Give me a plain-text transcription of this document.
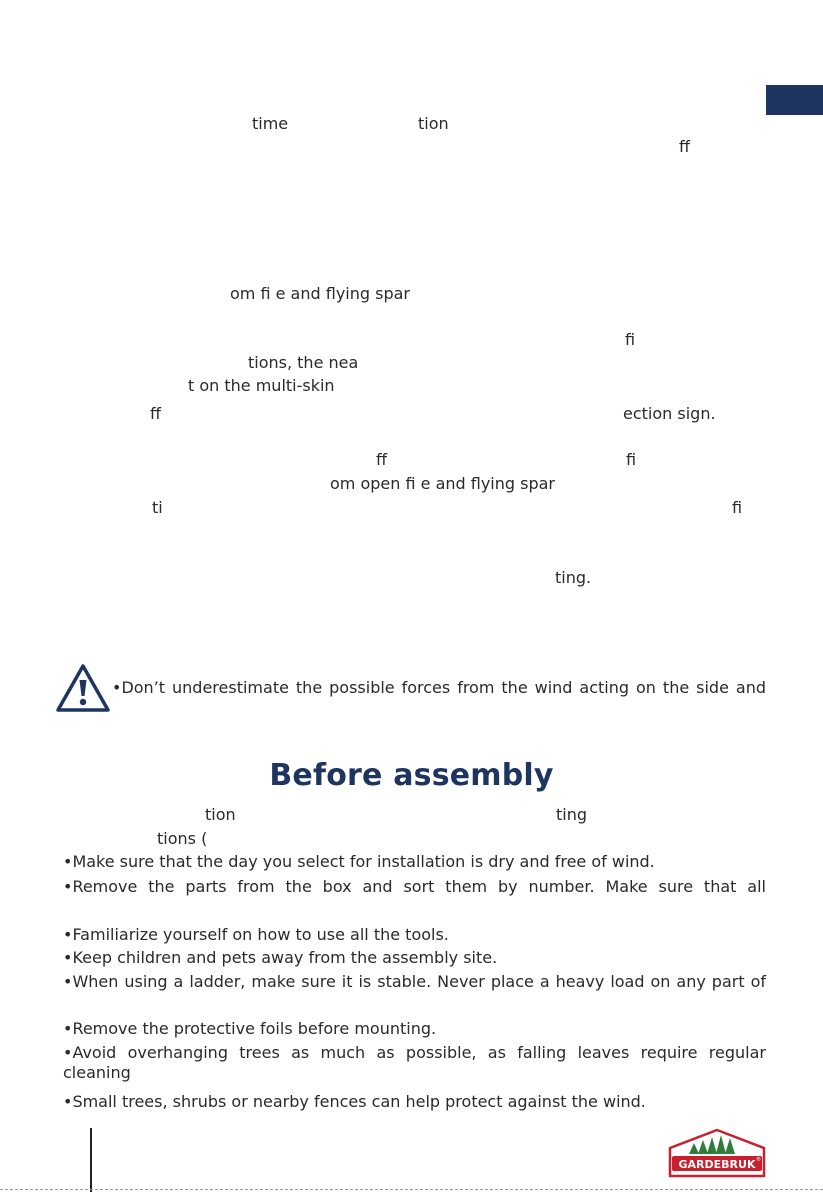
time	tion
ff
om fi e and flying spar
fi
tions, the nea
t on the multi-skin
ff	ection sign.
ff	fi
om open fi e and flying spar
ti	fi
ting.
•Don’t underestimate the possible forces from the wind acting on the side and
Before assembly
tion	ting
tions (
•Make sure that the day you select for installation is dry and free of wind.
•Remove the parts from the box and sort them by number. Make sure that all
•Familiarize yourself on how to use all the tools.
•Keep children and pets away from the assembly site.
•When using a ladder, make sure it is stable. Never place a heavy load on any part of
•Remove the protective foils before mounting.
•Avoid overhanging trees as much as possible, as falling leaves require regular cleaning
•Small trees, shrubs or nearby fences can help protect against the wind.
GARDEBRUK ®
